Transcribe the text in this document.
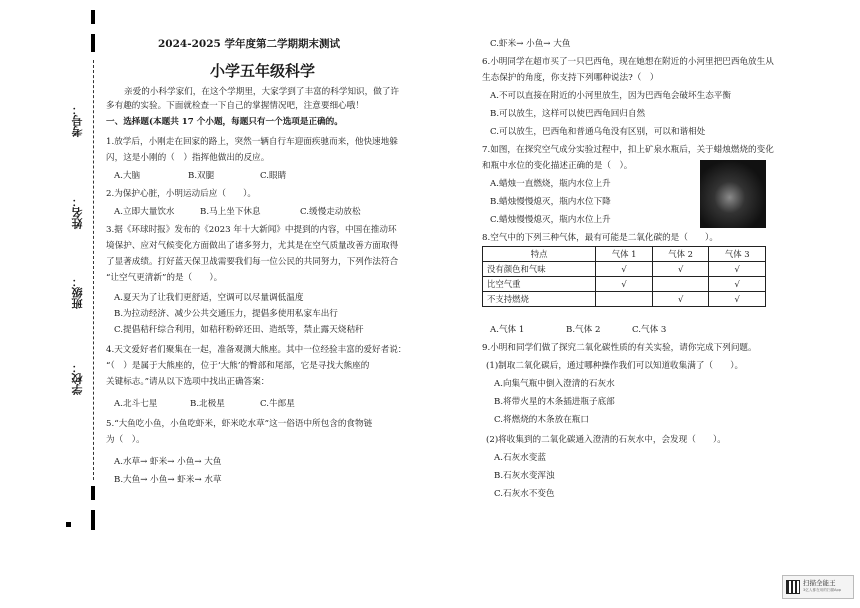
考号：
姓名：
班级：
学校：
2024-2025 学年度第二学期期末测试
小学五年级科学
亲爱的小科学家们，在这个学期里，大家学到了丰富的科学知识，做了许
多有趣的实验。下面就检查一下自己的掌握情况吧，注意要细心哦！
一、选择题(本题共 17 个小题，每题只有一个选项是正确的。
1.放学后，小刚走在回家的路上，突然一辆自行车迎面疾驰而来，他快速地躲
闪，这是小刚的（　）指挥他做出的反应。
A.大脑	B.双腿	C.眼睛
2.为保护心脏，小明运动后应（　　）。
A.立即大量饮水	B.马上坐下休息	C.缓慢走动放松
3.据《环球时报》发布的《2023 年十大新闻》中提到的内容，中国在推动环
境保护、应对气候变化方面做出了诸多努力，尤其是在空气质量改善方面取得
了显著成绩。打好蓝天保卫战需要我们每一位公民的共同努力，下列作法符合
“让空气更清新”的是（　　）。
A.夏天为了让我们更舒适，空调可以尽量调低温度
B.为拉动经济、减少公共交通压力，提倡多使用私家车出行
C.提倡秸秆综合利用，如秸秆粉碎还田、造纸等，禁止露天烧秸秆
4.天文爱好者们聚集在一起，准备观测大熊座。其中一位经验丰富的爱好者说：
“（　）是属于大熊座的，位于‘大熊’的臀部和尾部，它是寻找大熊座的
关键标志。”请从以下选项中找出正确答案：
A.北斗七星	B.北极星	C.牛郎星
5.“大鱼吃小鱼，小鱼吃虾米，虾米吃水草”这一俗语中所包含的食物链
为（　）。
A.水草→ 虾米→ 小鱼→ 大鱼
B.大鱼→ 小鱼→ 虾米→ 水草
C.虾米→ 小鱼→ 大鱼
6.小明同学在超市买了一只巴西龟，现在她想在附近的小河里把巴西龟放生从
生态保护的角度，你支持下列哪种说法?（　）
A.不可以直接在附近的小河里放生，因为巴西龟会破坏生态平衡
B.可以放生，这样可以使巴西龟回归自然
C.可以放生，巴西龟和普通乌龟没有区别，可以和谐相处
7.如图，在探究空气成分实验过程中，扣上矿泉水瓶后，关于蜡烛燃烧的变化
和瓶中水位的变化描述正确的是（　）。
A.蜡烛一直燃烧，瓶内水位上升
B.蜡烛慢慢熄灭，瓶内水位下降
C.蜡烛慢慢熄灭，瓶内水位上升
8.空气中的下列三种气体，最有可能是二氧化碳的是（　　）。
特点	气体 1	气体 2	气体 3
没有颜色和气味	√	√	√
比空气重	√		√
不支持燃烧		√	√
A.气体 1	B.气体 2	C.气体 3
9.小明和同学们做了探究二氧化碳性质的有关实验，请你完成下列问题。
(1)制取二氧化碳后，通过哪种操作我们可以知道收集满了（　　）。
A.向集气瓶中倒入澄清的石灰水
B.将带火星的木条插进瓶子底部
C.将燃烧的木条放在瓶口
(2)将收集到的二氧化碳通入澄清的石灰水中，会发现（　　）。
A.石灰水变蓝
B.石灰水变浑浊
C.石灰水不变色
扫描全能王
3亿人都在用的扫描App
